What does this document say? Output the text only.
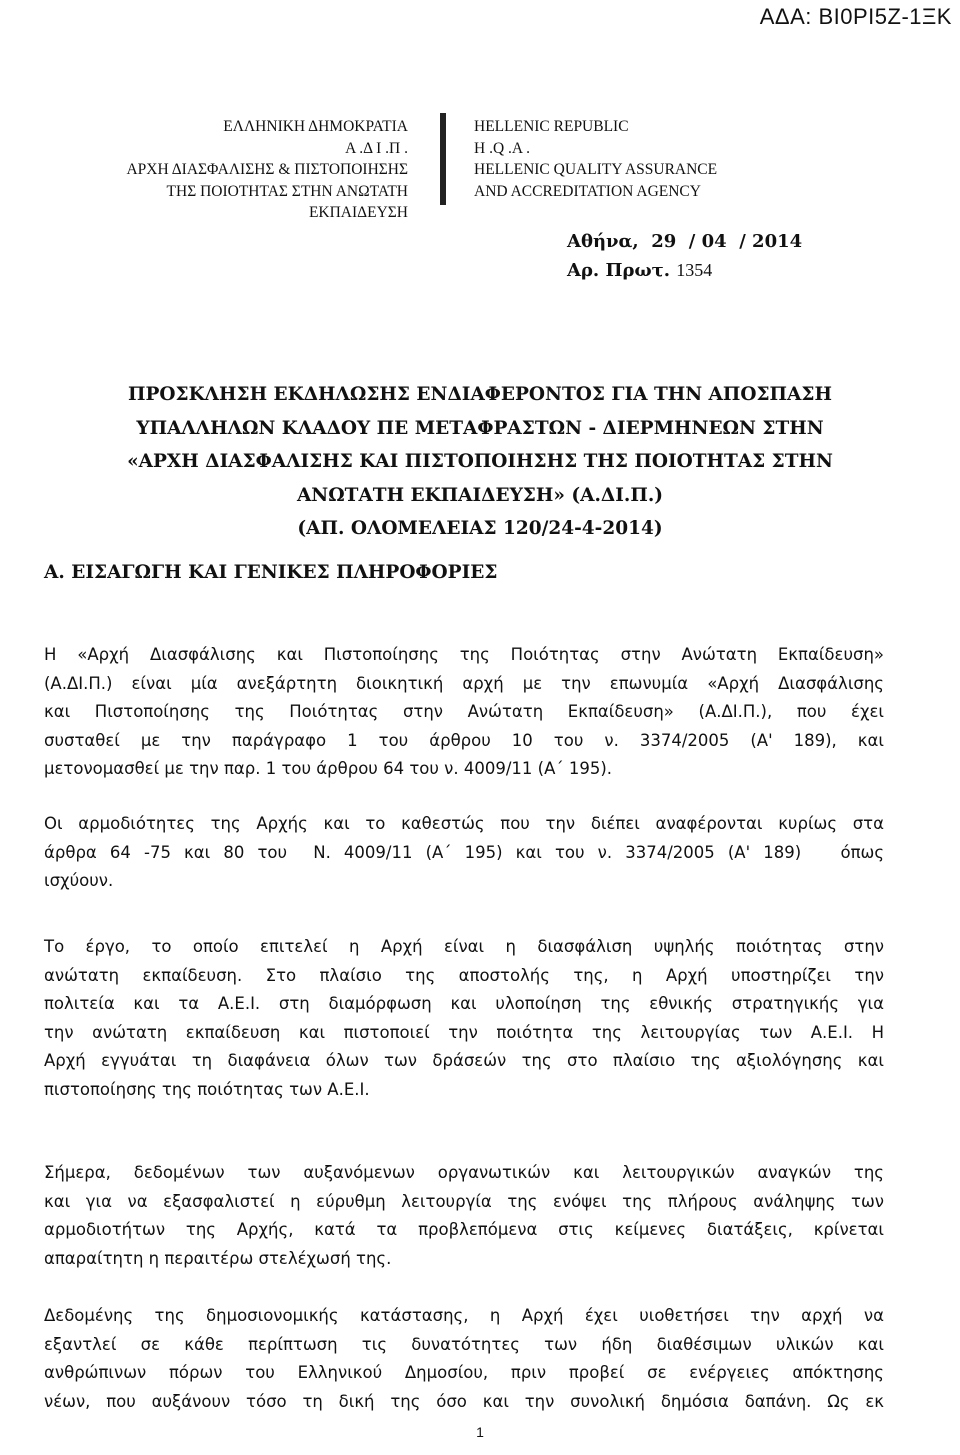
ΑΔΑ: ΒΙ0ΡΙ5Ζ-1ΞΚ
ΕΛΛΗΝΙΚΗ ΔΗΜΟΚΡΑΤΙΑ
Α .Δ Ι .Π .
ΑΡΧΗ ΔΙΑΣΦΑΛΙΣΗΣ & ΠΙΣΤΟΠΟΙΗΣΗΣ
ΤΗΣ ΠΟΙΟΤΗΤΑΣ ΣΤΗΝ ΑΝΩΤΑΤΗ ΕΚΠΑΙΔΕΥΣΗ
HELLENIC REPUBLIC
H .Q .A .
HELLENIC QUALITY ASSURANCE
AND ACCREDITATION AGENCY
Αθήνα,  29  / 04  / 2014
Αρ. Πρωτ. 1354
ΠΡΟΣΚΛΗΣΗ ΕΚΔΗΛΩΣΗΣ ΕΝΔΙΑΦΕΡΟΝΤΟΣ ΓΙΑ ΤΗΝ ΑΠΟΣΠΑΣΗ
ΥΠΑΛΛΗΛΩΝ ΚΛΑΔΟΥ ΠΕ ΜΕΤΑΦΡΑΣΤΩΝ - ΔΙΕΡΜΗΝΕΩΝ ΣΤΗΝ
«ΑΡΧΗ ΔΙΑΣΦΑΛΙΣΗΣ ΚΑΙ ΠΙΣΤΟΠΟΙΗΣΗΣ ΤΗΣ ΠΟΙΟΤΗΤΑΣ ΣΤΗΝ
ΑΝΩΤΑΤΗ ΕΚΠΑΙΔΕΥΣΗ» (Α.ΔΙ.Π.)
(ΑΠ. ΟΛΟΜΕΛΕΙΑΣ 120/24-4-2014)
Α. ΕΙΣΑΓΩΓΗ ΚΑΙ ΓΕΝΙΚΕΣ ΠΛΗΡΟΦΟΡΙΕΣ
Η «Αρχή Διασφάλισης και Πιστοποίησης της Ποιότητας στην Ανώτατη Εκπαίδευση»
(Α.ΔΙ.Π.) είναι μία ανεξάρτητη διοικητική αρχή με την επωνυμία «Αρχή Διασφάλισης
και Πιστοποίησης της Ποιότητας στην Ανώτατη Εκπαίδευση» (Α.ΔΙ.Π.), που έχει
συσταθεί με την παράγραφο 1 του άρθρου 10 του ν. 3374/2005 (Α' 189), και
μετονομασθεί με την παρ. 1 του άρθρου 64 του ν. 4009/11 (Α΄ 195).
Οι αρμοδιότητες της Αρχής και το καθεστώς που την διέπει αναφέρονται κυρίως στα
άρθρα 64 -75 και 80 του  Ν. 4009/11 (Α΄ 195) και του ν. 3374/2005 (Α' 189)   όπως
ισχύουν.
Το έργο, το οποίο επιτελεί η Αρχή είναι η διασφάλιση υψηλής ποιότητας στην
ανώτατη εκπαίδευση. Στο πλαίσιο της αποστολής της, η Αρχή υποστηρίζει την
πολιτεία και τα Α.Ε.Ι. στη διαμόρφωση και υλοποίηση της εθνικής στρατηγικής για
την ανώτατη εκπαίδευση και πιστοποιεί την ποιότητα της λειτουργίας των Α.Ε.Ι. Η
Αρχή εγγυάται τη διαφάνεια όλων των δράσεών της στο πλαίσιο της αξιολόγησης και
πιστοποίησης της ποιότητας των Α.Ε.Ι.
Σήμερα, δεδομένων των αυξανόμενων οργανωτικών και λειτουργικών αναγκών της
και για να εξασφαλιστεί η εύρυθμη λειτουργία της ενόψει της πλήρους ανάληψης των
αρμοδιοτήτων της Αρχής, κατά τα προβλεπόμενα στις κείμενες διατάξεις, κρίνεται
απαραίτητη η περαιτέρω στελέχωσή της.
Δεδομένης της δημοσιονομικής κατάστασης, η Αρχή έχει υιοθετήσει την αρχή να
εξαντλεί σε κάθε περίπτωση τις δυνατότητες των ήδη διαθέσιμων υλικών και
ανθρώπινων πόρων του Ελληνικού Δημοσίου, πριν προβεί σε ενέργειες απόκτησης
νέων, που αυξάνουν τόσο τη δική της όσο και την συνολική δημόσια δαπάνη. Ως εκ
1
